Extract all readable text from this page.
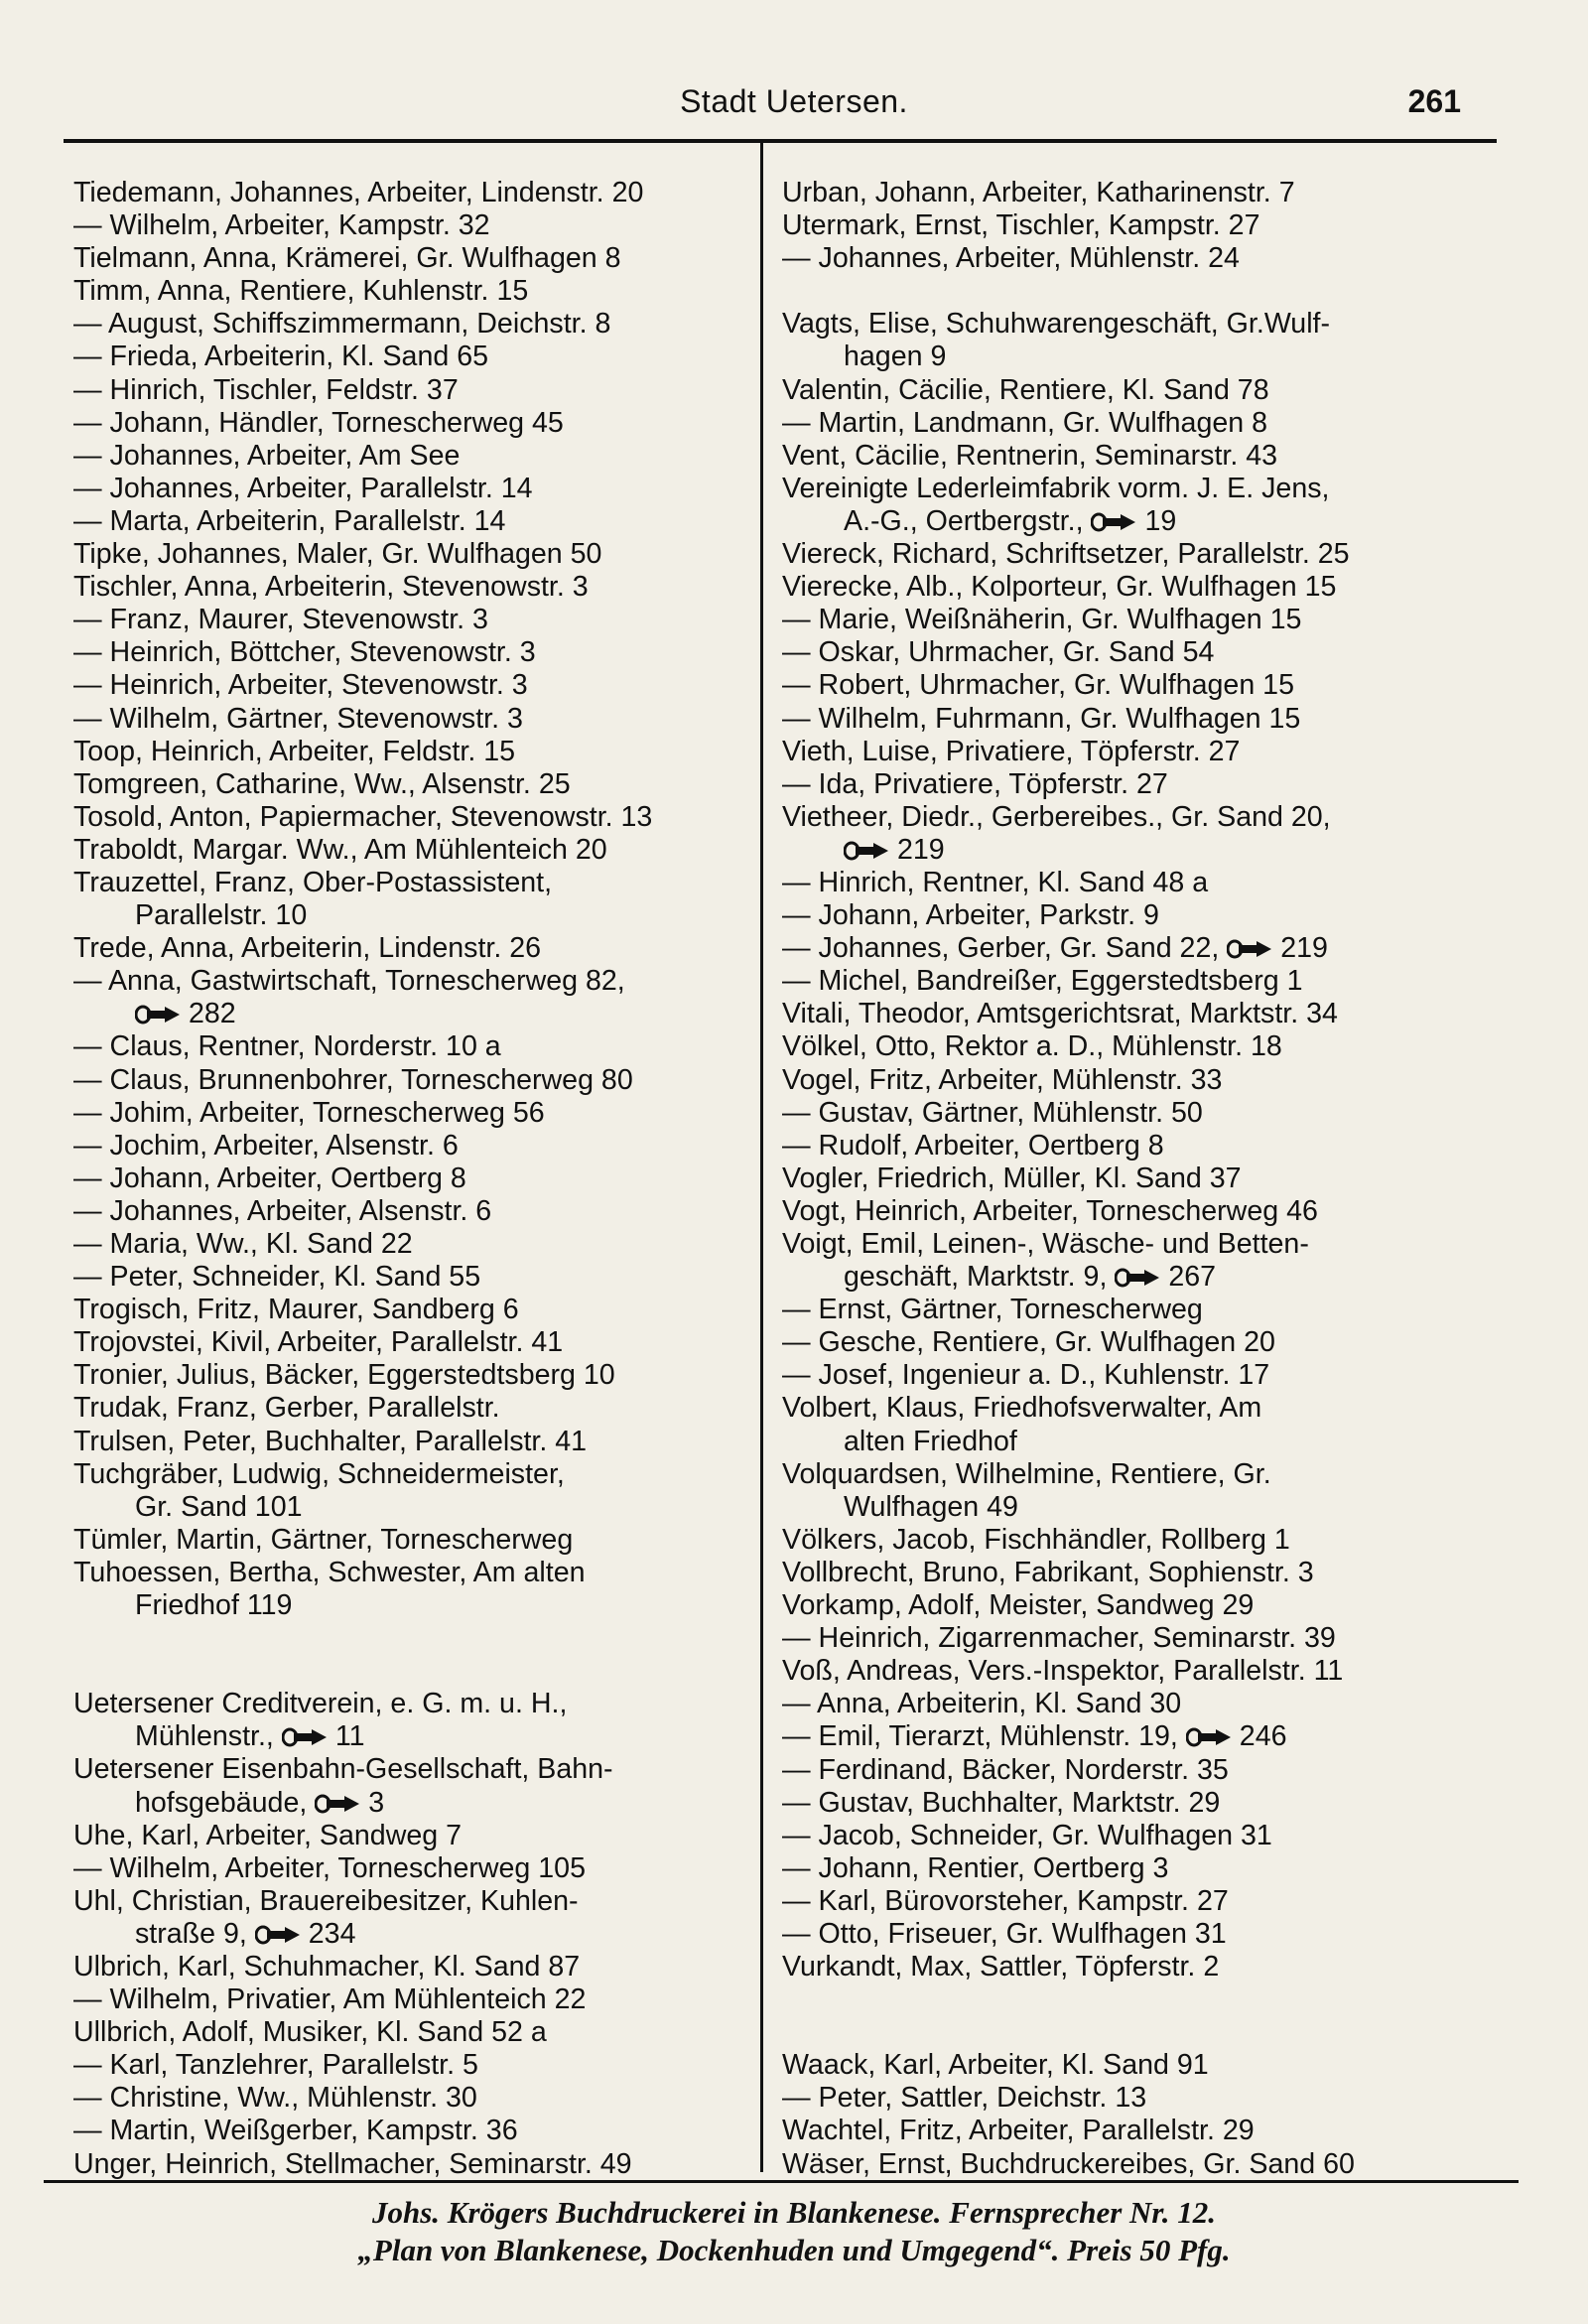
Stadt Uetersen.	261
Tiedemann, Johannes, Arbeiter, Lindenstr. 20
— Wilhelm, Arbeiter, Kampstr. 32
Tielmann, Anna, Krämerei, Gr. Wulfhagen 8
Timm, Anna, Rentiere, Kuhlenstr. 15
— August, Schiffszimmermann, Deichstr. 8
— Frieda, Arbeiterin, Kl. Sand 65
— Hinrich, Tischler, Feldstr. 37
— Johann, Händler, Tornescherweg 45
— Johannes, Arbeiter, Am See
— Johannes, Arbeiter, Parallelstr. 14
— Marta, Arbeiterin, Parallelstr. 14
Tipke, Johannes, Maler, Gr. Wulfhagen 50
Tischler, Anna, Arbeiterin, Stevenowstr. 3
— Franz, Maurer, Stevenowstr. 3
— Heinrich, Böttcher, Stevenowstr. 3
— Heinrich, Arbeiter, Stevenowstr. 3
— Wilhelm, Gärtner, Stevenowstr. 3
Toop, Heinrich, Arbeiter, Feldstr. 15
Tomgreen, Catharine, Ww., Alsenstr. 25
Tosold, Anton, Papiermacher, Stevenowstr. 13
Traboldt, Margar. Ww., Am Mühlenteich 20
Trauzettel, Franz, Ober-Postassistent,
Parallelstr. 10
Trede, Anna, Arbeiterin, Lindenstr. 26
— Anna, Gastwirtschaft, Tornescherweg 82,
282
— Claus, Rentner, Norderstr. 10 a
— Claus, Brunnenbohrer, Tornescherweg 80
— Johim, Arbeiter, Tornescherweg 56
— Jochim, Arbeiter, Alsenstr. 6
— Johann, Arbeiter, Oertberg 8
— Johannes, Arbeiter, Alsenstr. 6
— Maria, Ww., Kl. Sand 22
— Peter, Schneider, Kl. Sand 55
Trogisch, Fritz, Maurer, Sandberg 6
Trojovstei, Kivil, Arbeiter, Parallelstr. 41
Tronier, Julius, Bäcker, Eggerstedtsberg 10
Trudak, Franz, Gerber, Parallelstr.
Trulsen, Peter, Buchhalter, Parallelstr. 41
Tuchgräber, Ludwig, Schneidermeister,
Gr. Sand 101
Tümler, Martin, Gärtner, Tornescherweg
Tuhoessen, Bertha, Schwester, Am alten
Friedhof 119
Uetersener Creditverein, e. G. m. u. H.,
Mühlenstr., 11
Uetersener Eisenbahn-Gesellschaft, Bahn-
hofsgebäude, 3
Uhe, Karl, Arbeiter, Sandweg 7
— Wilhelm, Arbeiter, Tornescherweg 105
Uhl, Christian, Brauereibesitzer, Kuhlen-
straße 9, 234
Ulbrich, Karl, Schuhmacher, Kl. Sand 87
— Wilhelm, Privatier, Am Mühlenteich 22
Ullbrich, Adolf, Musiker, Kl. Sand 52 a
— Karl, Tanzlehrer, Parallelstr. 5
— Christine, Ww., Mühlenstr. 30
— Martin, Weißgerber, Kampstr. 36
Unger, Heinrich, Stellmacher, Seminarstr. 49
Urban, Johann, Arbeiter, Katharinenstr. 7
Utermark, Ernst, Tischler, Kampstr. 27
— Johannes, Arbeiter, Mühlenstr. 24
Vagts, Elise, Schuhwarengeschäft, Gr.Wulf-
hagen 9
Valentin, Cäcilie, Rentiere, Kl. Sand 78
— Martin, Landmann, Gr. Wulfhagen 8
Vent, Cäcilie, Rentnerin, Seminarstr. 43
Vereinigte Lederleimfabrik vorm. J. E. Jens,
A.-G., Oertbergstr., 19
Viereck, Richard, Schriftsetzer, Parallelstr. 25
Vierecke, Alb., Kolporteur, Gr. Wulfhagen 15
— Marie, Weißnäherin, Gr. Wulfhagen 15
— Oskar, Uhrmacher, Gr. Sand 54
— Robert, Uhrmacher, Gr. Wulfhagen 15
— Wilhelm, Fuhrmann, Gr. Wulfhagen 15
Vieth, Luise, Privatiere, Töpferstr. 27
— Ida, Privatiere, Töpferstr. 27
Vietheer, Diedr., Gerbereibes., Gr. Sand 20,
219
— Hinrich, Rentner, Kl. Sand 48 a
— Johann, Arbeiter, Parkstr. 9
— Johannes, Gerber, Gr. Sand 22, 219
— Michel, Bandreißer, Eggerstedtsberg 1
Vitali, Theodor, Amtsgerichtsrat, Marktstr. 34
Völkel, Otto, Rektor a. D., Mühlenstr. 18
Vogel, Fritz, Arbeiter, Mühlenstr. 33
— Gustav, Gärtner, Mühlenstr. 50
— Rudolf, Arbeiter, Oertberg 8
Vogler, Friedrich, Müller, Kl. Sand 37
Vogt, Heinrich, Arbeiter, Tornescherweg 46
Voigt, Emil, Leinen-, Wäsche- und Betten-
geschäft, Marktstr. 9, 267
— Ernst, Gärtner, Tornescherweg
— Gesche, Rentiere, Gr. Wulfhagen 20
— Josef, Ingenieur a. D., Kuhlenstr. 17
Volbert, Klaus, Friedhofsverwalter, Am
alten Friedhof
Volquardsen, Wilhelmine, Rentiere, Gr.
Wulfhagen 49
Völkers, Jacob, Fischhändler, Rollberg 1
Vollbrecht, Bruno, Fabrikant, Sophienstr. 3
Vorkamp, Adolf, Meister, Sandweg 29
— Heinrich, Zigarrenmacher, Seminarstr. 39
Voß, Andreas, Vers.-Inspektor, Parallelstr. 11
— Anna, Arbeiterin, Kl. Sand 30
— Emil, Tierarzt, Mühlenstr. 19, 246
— Ferdinand, Bäcker, Norderstr. 35
— Gustav, Buchhalter, Marktstr. 29
— Jacob, Schneider, Gr. Wulfhagen 31
— Johann, Rentier, Oertberg 3
— Karl, Bürovorsteher, Kampstr. 27
— Otto, Friseuer, Gr. Wulfhagen 31
Vurkandt, Max, Sattler, Töpferstr. 2
Waack, Karl, Arbeiter, Kl. Sand 91
— Peter, Sattler, Deichstr. 13
Wachtel, Fritz, Arbeiter, Parallelstr. 29
Wäser, Ernst, Buchdruckereibes, Gr. Sand 60
Johs. Krögers Buchdruckerei in Blankenese. Fernsprecher Nr. 12.
„Plan von Blankenese, Dockenhuden und Umgegend“. Preis 50 Pfg.
